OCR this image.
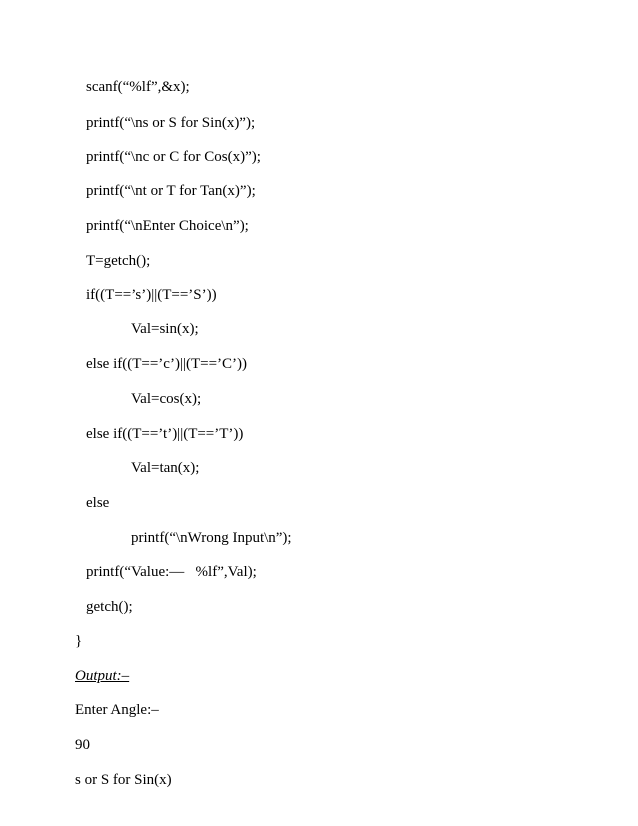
scanf(“%lf”,&x);
printf(“\ns or S for Sin(x)”);
printf(“\nc or C for Cos(x)”);
printf(“\nt or T for Tan(x)”);
printf(“\nEnter Choice\n”);
T=getch();
if((T==’s’)||(T==’S’))
Val=sin(x);
else if((T==’c’)||(T==’C’))
Val=cos(x);
else if((T==’t’)||(T==’T’))
Val=tan(x);
else
printf(“\nWrong Input\n”);
printf(“Value:—   %lf”,Val);
getch();
}
Output:–
Enter Angle:–
90
s or S for Sin(x)
